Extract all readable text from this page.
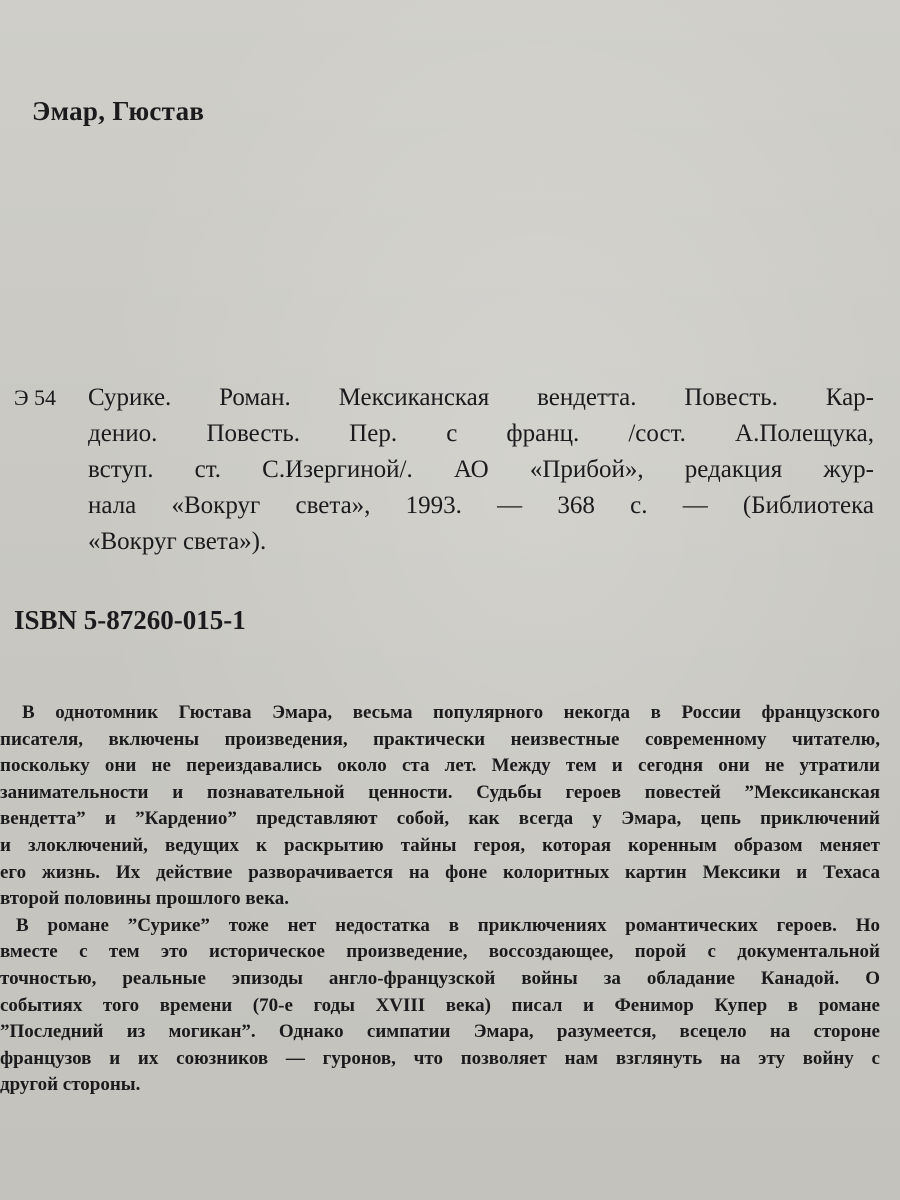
Эмар, Гюстав
Э 54	Сурике. Роман. Мексиканская вендетта. Повесть. Кар-
денио. Повесть. Пер. с франц. /сост. А.Полещука,
вступ. ст. С.Изергиной/. АО «Прибой», редакция жур-
нала «Вокруг света», 1993. — 368 с. — (Библиотека
«Вокруг света»).
ISBN 5-87260-015-1
В однотомник Гюстава Эмара, весьма популярного некогда в России французского
писателя, включены произведения, практически неизвестные современному читателю,
поскольку они не переиздавались около ста лет. Между тем и сегодня они не утратили
занимательности и познавательной ценности. Судьбы героев повестей ”Мексиканская
вендетта” и ”Карденио” представляют собой, как всегда у Эмара, цепь приключений
и злоключений, ведущих к раскрытию тайны героя, которая коренным образом меняет
его жизнь. Их действие разворачивается на фоне колоритных картин Мексики и Техаса
второй половины прошлого века.
В романе ”Сурике” тоже нет недостатка в приключениях романтических героев. Но
вместе с тем это историческое произведение, воссоздающее, порой с документальной
точностью, реальные эпизоды англо-французской войны за обладание Канадой. О
событиях того времени (70-е годы XVIII века) писал и Фенимор Купер в романе
”Последний из могикан”. Однако симпатии Эмара, разумеется, всецело на стороне
французов и их союзников — гуронов, что позволяет нам взглянуть на эту войну с
другой стороны.
